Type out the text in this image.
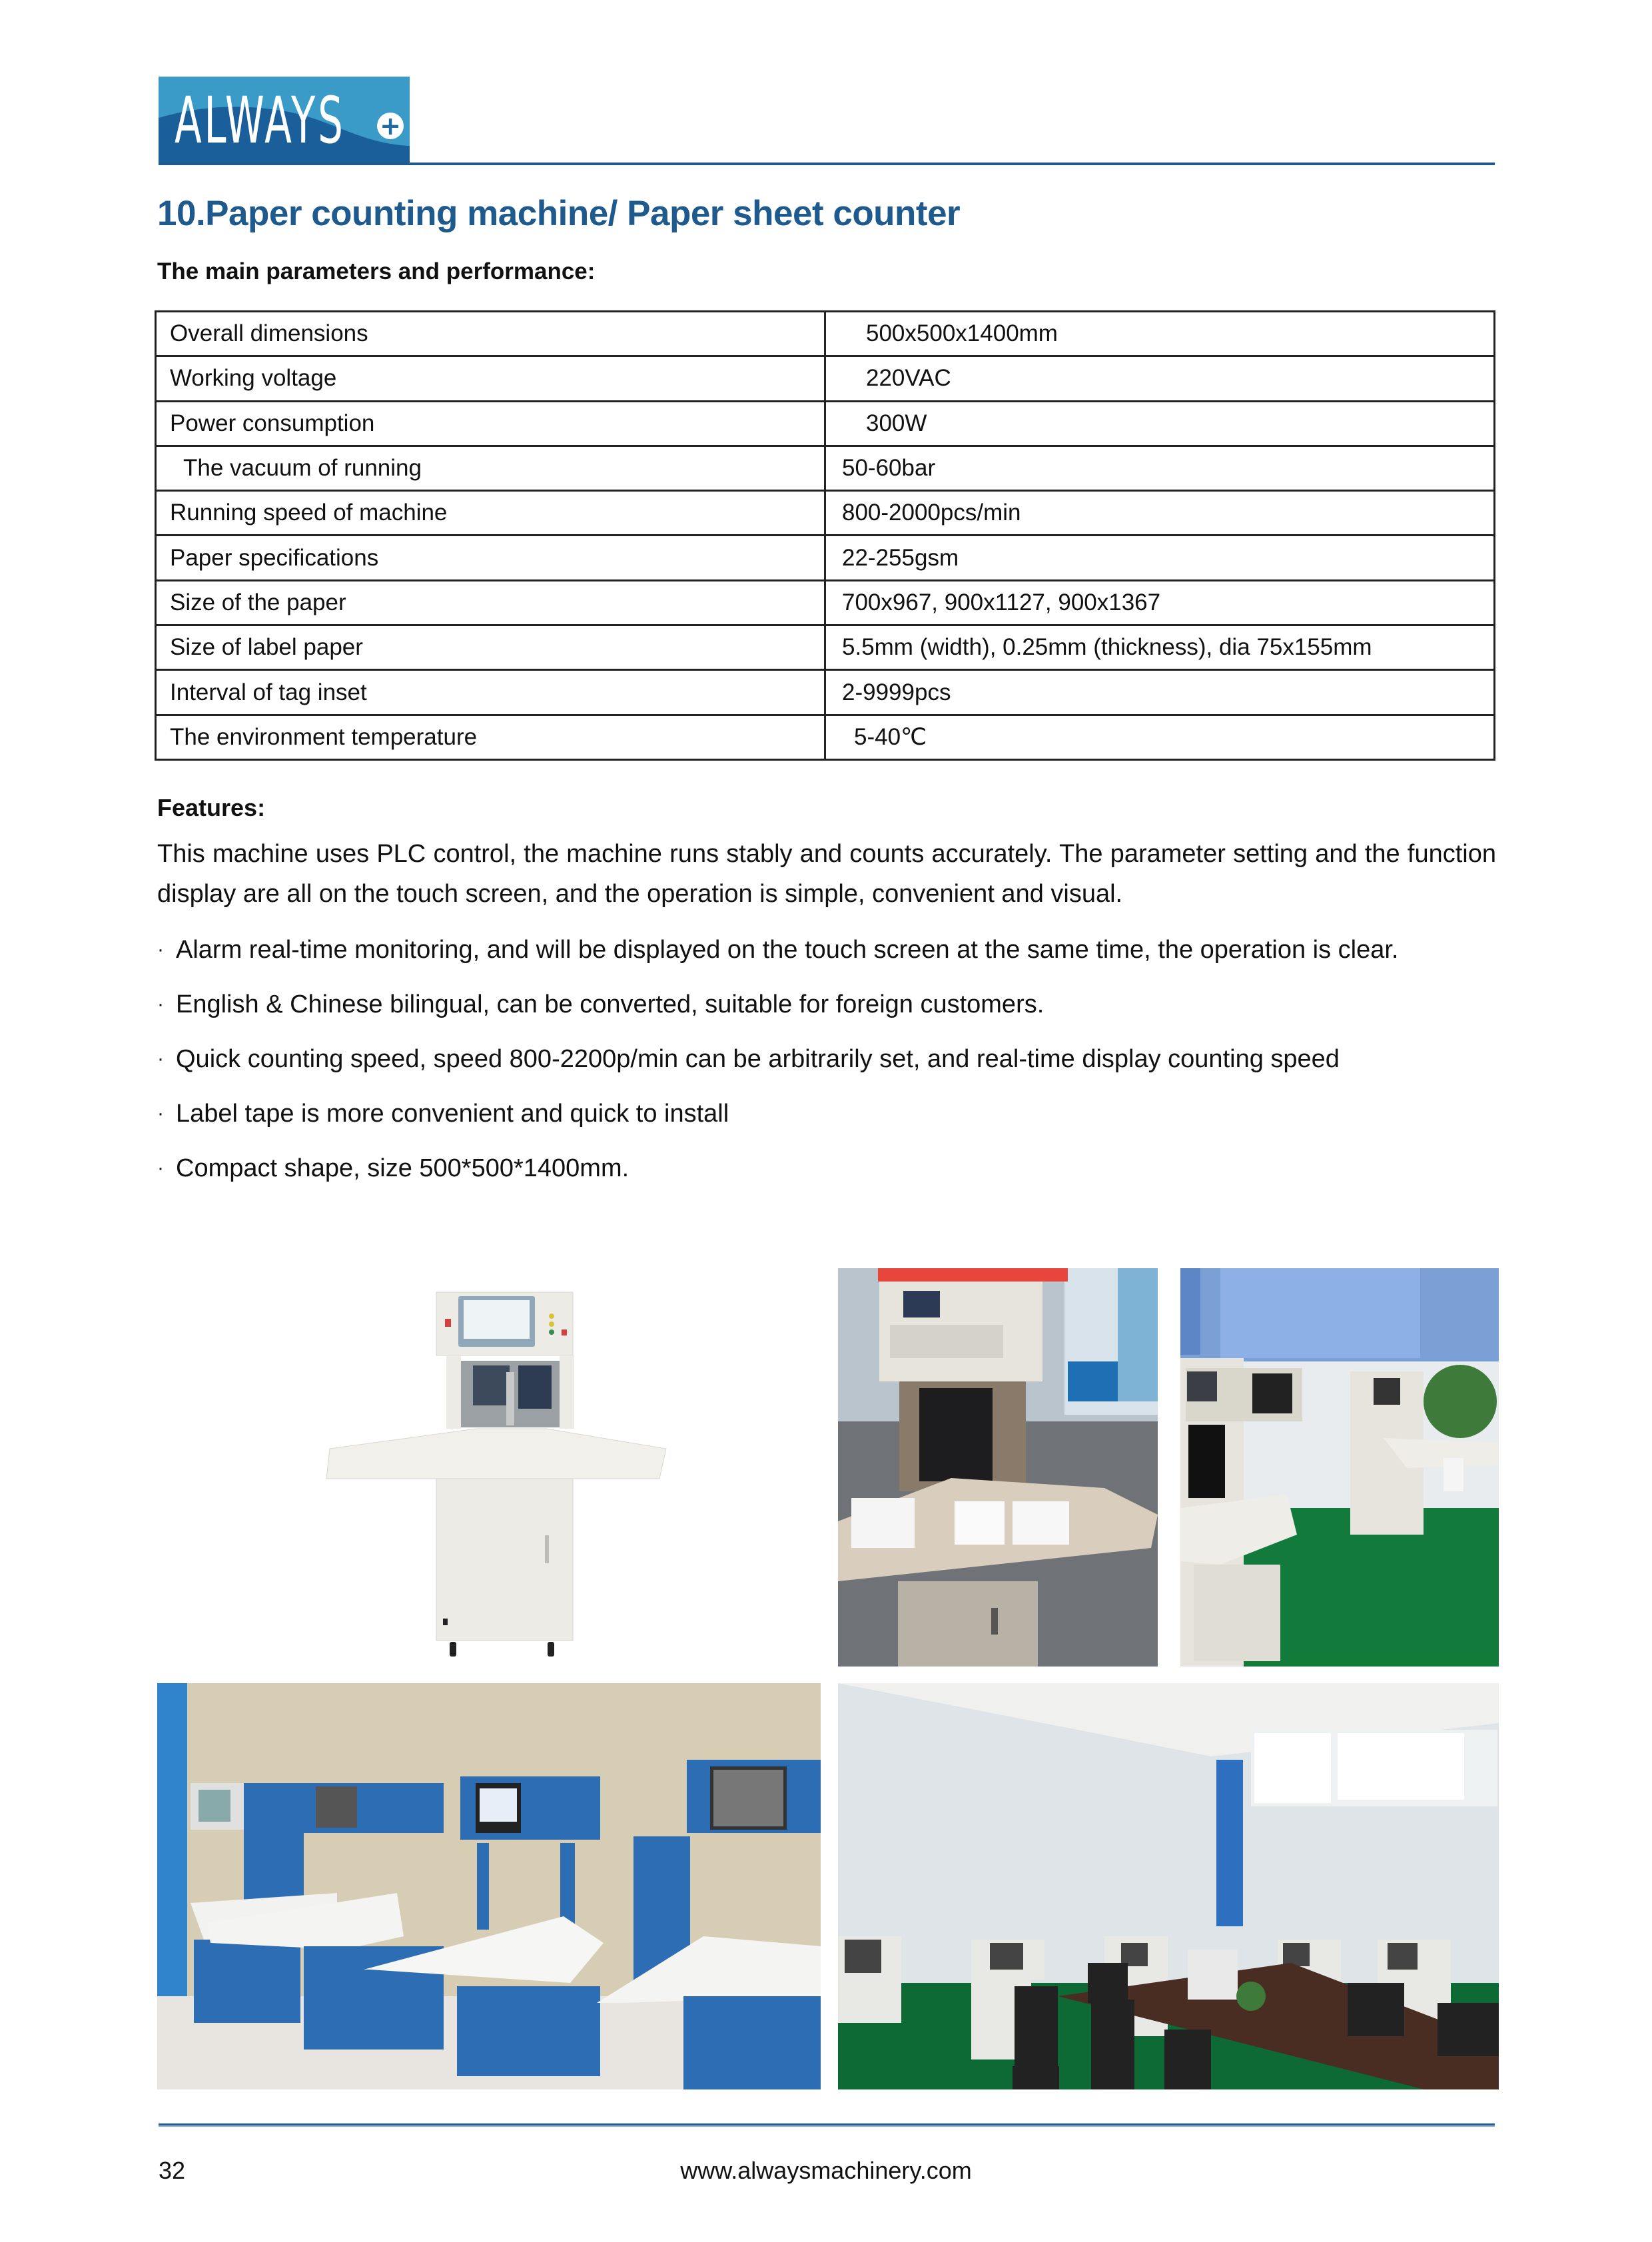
ALWAYS +
10.Paper counting machine/ Paper sheet counter
The main parameters and performance:
Overall dimensions	500x500x1400mm
Working voltage	220VAC
Power consumption	300W
The vacuum of running	50-60bar
Running speed of machine	800-2000pcs/min
Paper specifications	22-255gsm
Size of the paper	700x967, 900x1127, 900x1367
Size of label paper	5.5mm (width), 0.25mm (thickness), dia 75x155mm
Interval of tag inset	2-9999pcs
The environment temperature	5-40℃
Features:

This machine uses PLC control, the machine runs stably and counts accurately. The parameter setting and the function display are all on the touch screen, and the operation is simple, convenient and visual.

· Alarm real-time monitoring, and will be displayed on the touch screen at the same time, the operation is clear.
· English & Chinese bilingual, can be converted, suitable for foreign customers.
· Quick counting speed, speed 800-2200p/min can be arbitrarily set, and real-time display counting speed
· Label tape is more convenient and quick to install
· Compact shape, size 500*500*1400mm.
32	www.alwaysmachinery.com
